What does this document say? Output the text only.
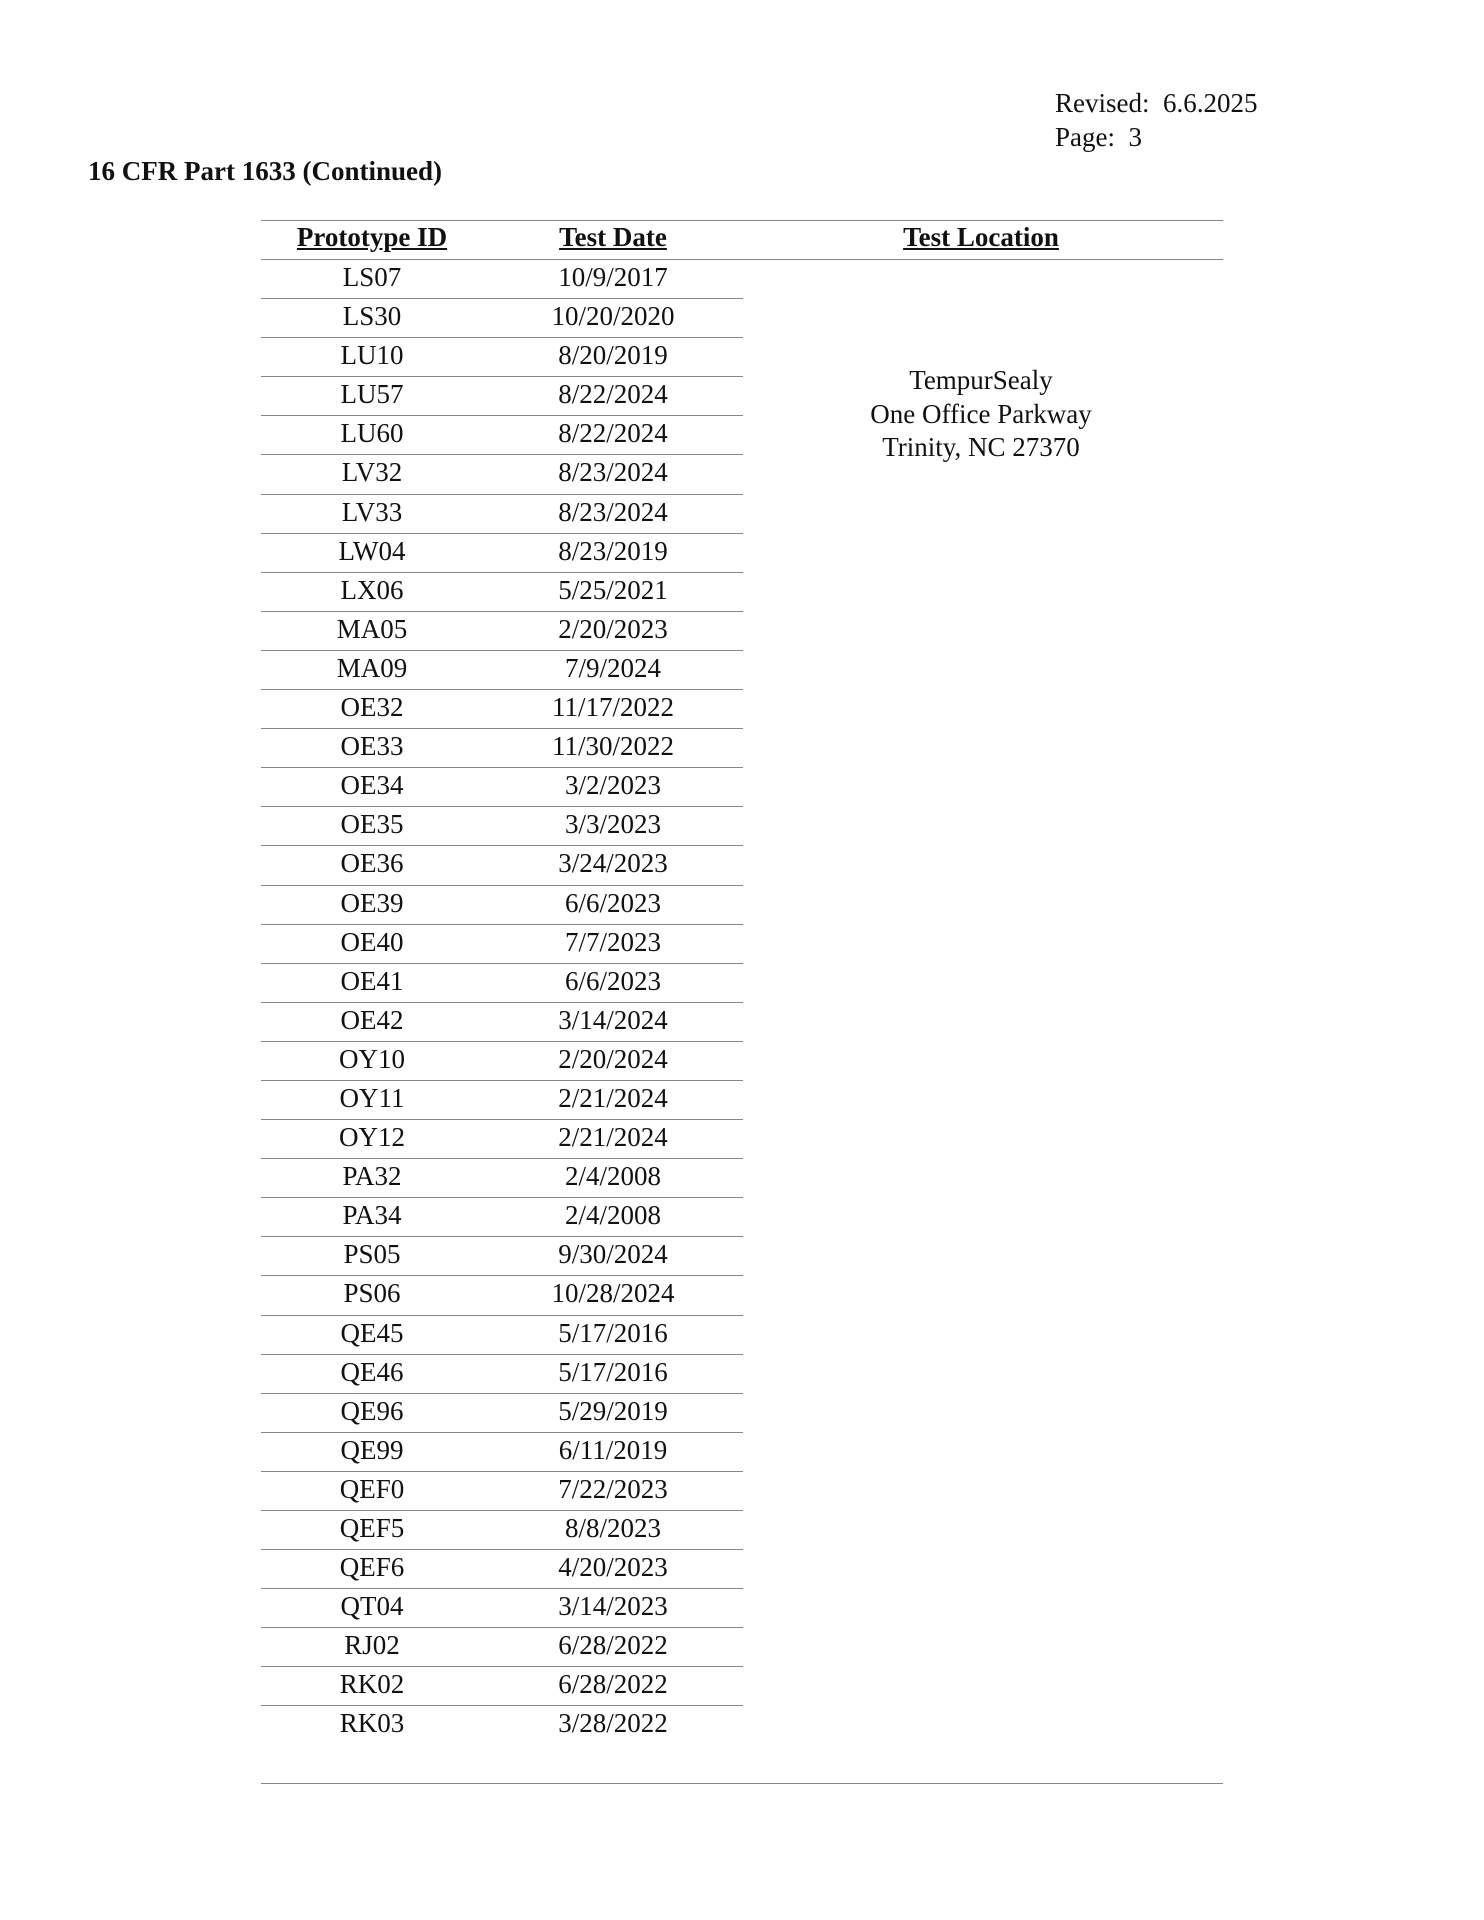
Revised: 6.6.2025
Page: 3
16 CFR Part 1633 (Continued)
Prototype ID	Test Date	Test Location
LS07	10/9/2017
LS30	10/20/2020
LU10	8/20/2019
LU57	8/22/2024
LU60	8/22/2024
LV32	8/23/2024
LV33	8/23/2024
LW04	8/23/2019
LX06	5/25/2021
MA05	2/20/2023
MA09	7/9/2024
OE32	11/17/2022
OE33	11/30/2022
OE34	3/2/2023
OE35	3/3/2023
OE36	3/24/2023
OE39	6/6/2023
OE40	7/7/2023
OE41	6/6/2023
OE42	3/14/2024
OY10	2/20/2024
OY11	2/21/2024
OY12	2/21/2024
PA32	2/4/2008
PA34	2/4/2008
PS05	9/30/2024
PS06	10/28/2024
QE45	5/17/2016
QE46	5/17/2016
QE96	5/29/2019
QE99	6/11/2019
QEF0	7/22/2023
QEF5	8/8/2023
QEF6	4/20/2023
QT04	3/14/2023
RJ02	6/28/2022
RK02	6/28/2022
RK03	3/28/2022
TempurSealy
One Office Parkway
Trinity, NC 27370
